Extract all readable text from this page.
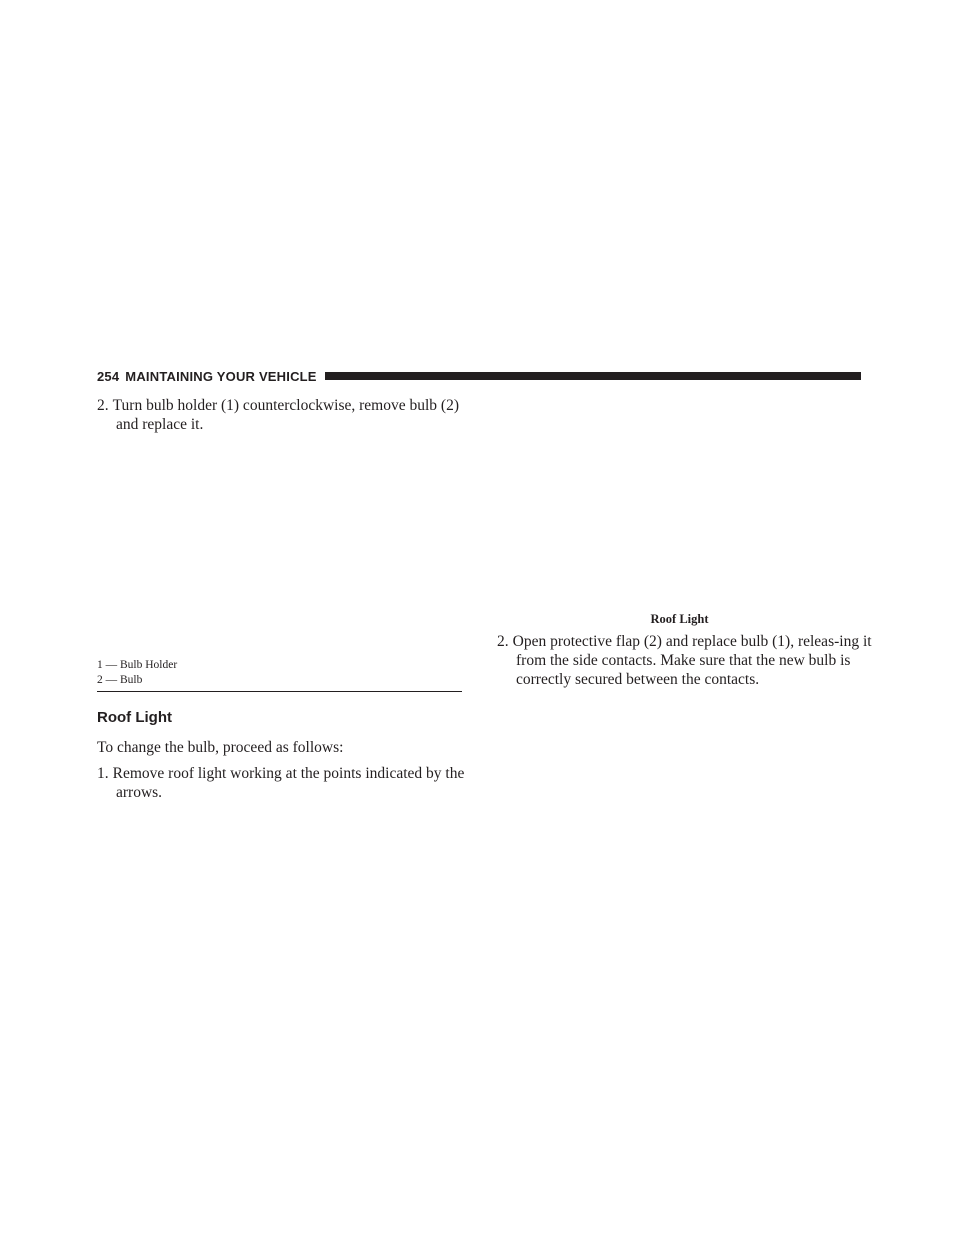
254 MAINTAINING YOUR VEHICLE

2. Turn bulb holder (1) counterclockwise, remove bulb (2) and replace it.

1 — Bulb Holder
2 — Bulb
Roof Light

To change the bulb, proceed as follows:

1. Remove roof light working at the points indicated by the arrows.

Roof Light

2. Open protective flap (2) and replace bulb (1), releas-ing it from the side contacts. Make sure that the new bulb is correctly secured between the contacts.
